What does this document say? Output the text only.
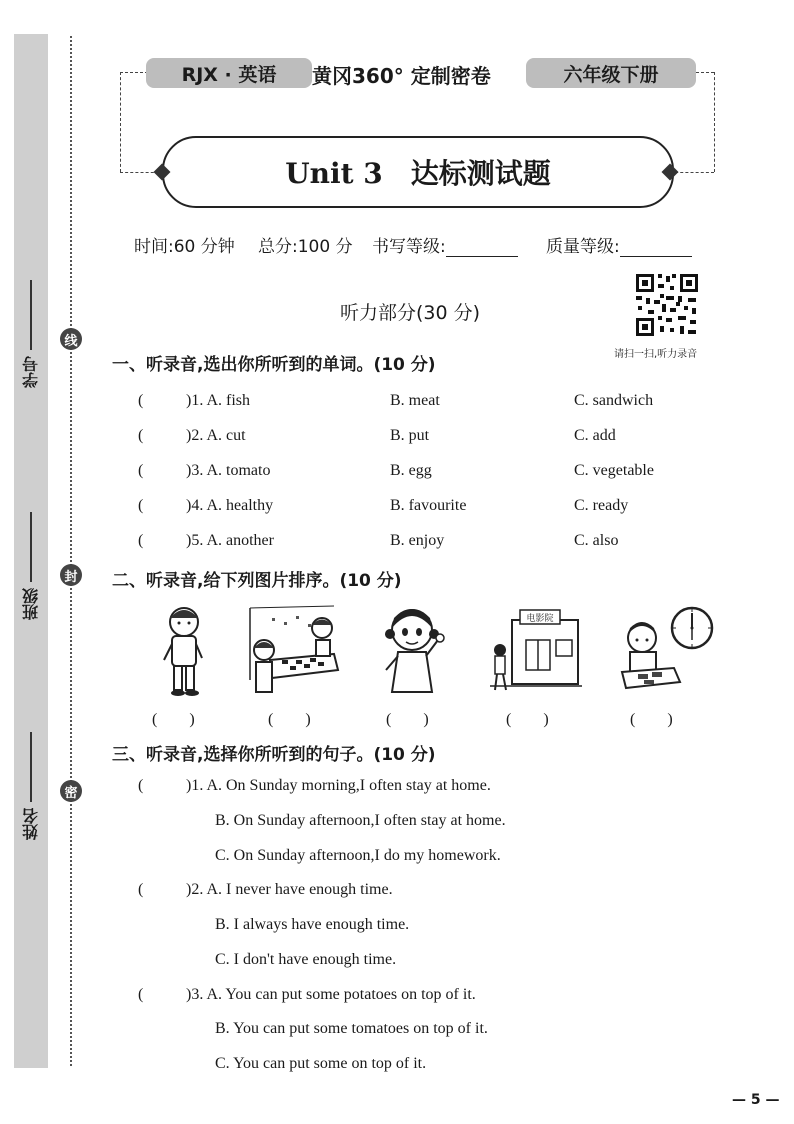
学号
班级
姓名
线
封
密
RJX · 英语	黄冈360° 定制密卷	六年级下册
Unit 3　达标测试题
时间:60 分钟 总分:100 分 书写等级:	质量等级:
请扫一扫,听力录音
听力部分(30 分)
一、听录音,选出你所听到的单词。(10 分)
(	)1. A. fish	B. meat	C. sandwich
(	)2. A. cut	B. put	C. add
(	)3. A. tomato	B. egg	C. vegetable
(	)4. A. healthy	B. favourite	C. ready
(	)5. A. another	B. enjoy	C. also
二、听录音,给下列图片排序。(10 分)
电影院
(　　)	(　　)	(　　)	(　　)	(　　)
三、听录音,选择你所听到的句子。(10 分)
(	)1. A. On Sunday morning,I often stay at home.
B. On Sunday afternoon,I often stay at home.
C. On Sunday afternoon,I do my homework.
(	)2. A. I never have enough time.
B. I always have enough time.
C. I don't have enough time.
(	)3. A. You can put some potatoes on top of it.
B. You can put some tomatoes on top of it.
C. You can put some on top of it.
— 5 —
